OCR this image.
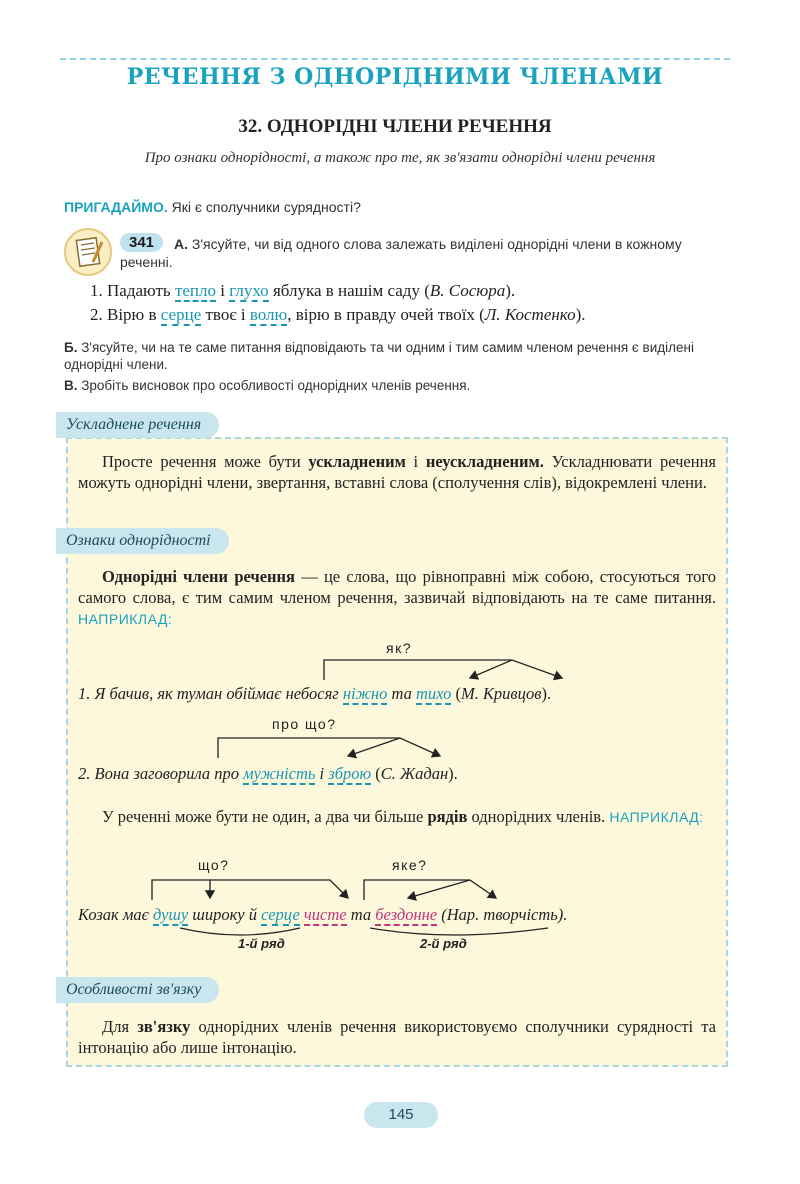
РЕЧЕННЯ З ОДНОРІДНИМИ ЧЛЕНАМИ
32. ОДНОРІДНІ ЧЛЕНИ РЕЧЕННЯ
Про ознаки однорідності, а також про те, як зв'язати однорідні члени речення
ПРИГАДАЙМО. Які є сполучники сурядності?
А. З'ясуйте, чи від одного слова залежать виділені однорідні члени в кожному реченні.
341
1. Падають тепло і глухо яблука в нашім саду (В. Сосюра).
2. Вірю в серце твоє і волю, вірю в правду очей твоїх (Л. Костенко).
Б. З'ясуйте, чи на те саме питання відповідають та чи одним і тим самим членом речення є виділені однорідні члени.
В. Зробіть висновок про особливості однорідних членів речення.
Ускладнене речення

Просте речення може бути ускладненим і неускладненим. Ускладнювати речення можуть однорідні члени, звертання, вставні слова (сполучення слів), відокремлені члени.

Ознаки однорідності

Однорідні члени речення — це слова, що рівноправні між собою, стосуються того самого слова, є тим самим членом речення, зазвичай відповідають на те саме питання. НАПРИКЛАД:

як?
1. Я бачив, як туман обіймає небосяг ніжно та тихо (М. Кривцов).
про що?
2. Вона заговорила про мужність і зброю (С. Жадан).

У реченні може бути не один, а два чи більше рядів однорідних членів. НАПРИКЛАД:

що?	яке?
Козак має душу широку й серце чисте та бездонне (Нар. творчість).
1-й ряд	2-й ряд
Особливості зв'язку

Для зв'язку однорідних членів речення використовуємо сполучники сурядності та інтонацію або лише інтонацію.

145
